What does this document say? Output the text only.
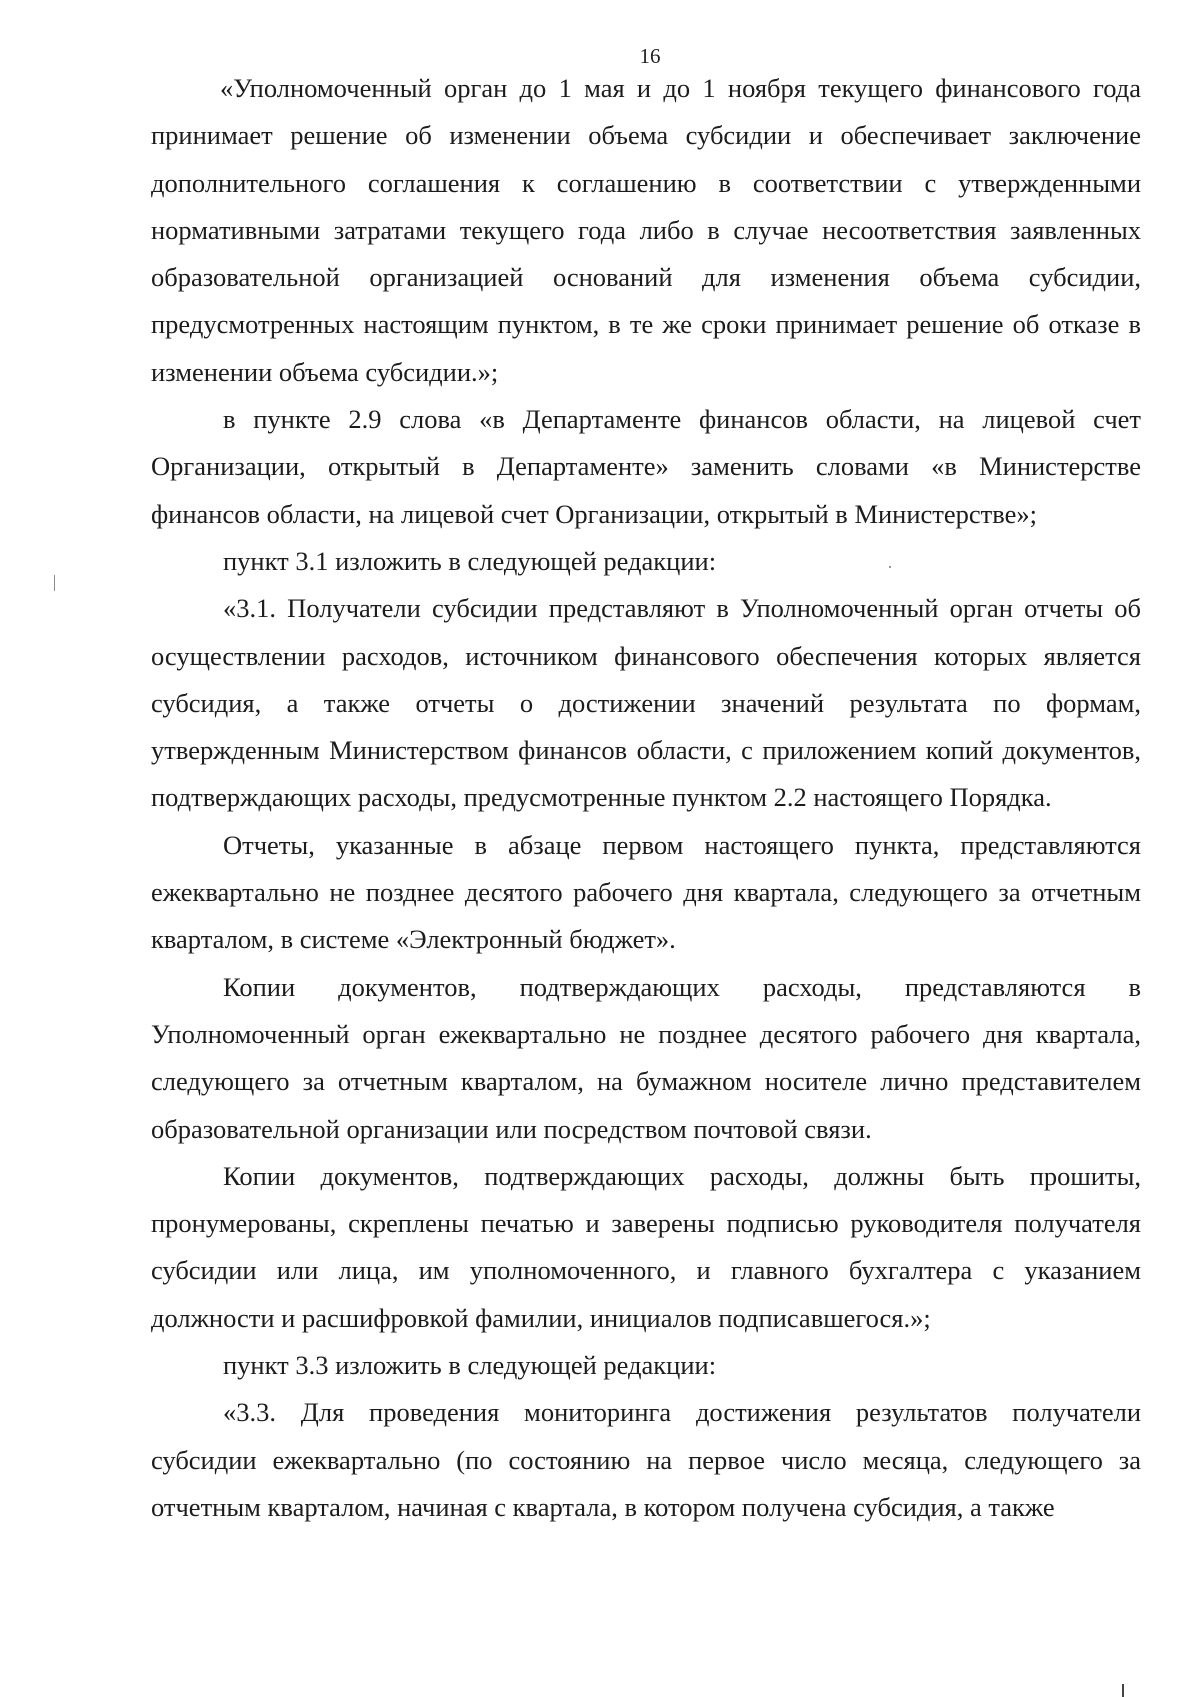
16

«Уполномоченный орган до 1 мая и до 1 ноября текущего финансового года принимает решение об изменении объема субсидии и обеспечивает заключение дополнительного соглашения к соглашению в соответствии с утвержденными нормативными затратами текущего года либо в случае несоответствия заявленных образовательной организацией оснований для изменения объема субсидии, предусмотренных настоящим пунктом, в те же сроки принимает решение об отказе в изменении объема субсидии.»;

в пункте 2.9 слова «в Департаменте финансов области, на лицевой счет Организации, открытый в Департаменте» заменить словами «в Министерстве финансов области, на лицевой счет Организации, открытый в Министерстве»;

пункт 3.1 изложить в следующей редакции:

«3.1. Получатели субсидии представляют в Уполномоченный орган отчеты об осуществлении расходов, источником финансового обеспечения которых является субсидия, а также отчеты о достижении значений результата по формам, утвержденным Министерством финансов области, с приложением копий документов, подтверждающих расходы, предусмотренные пунктом 2.2 настоящего Порядка.

Отчеты, указанные в абзаце первом настоящего пункта, представляются ежеквартально не позднее десятого рабочего дня квартала, следующего за отчетным кварталом, в системе «Электронный бюджет».

Копии документов, подтверждающих расходы, представляются в Уполномоченный орган ежеквартально не позднее десятого рабочего дня квартала, следующего за отчетным кварталом, на бумажном носителе лично представителем образовательной организации или посредством почтовой связи.

Копии документов, подтверждающих расходы, должны быть прошиты, пронумерованы, скреплены печатью и заверены подписью руководителя получателя субсидии или лица, им уполномоченного, и главного бухгалтера с указанием должности и расшифровкой фамилии, инициалов подписавшегося.»;

пункт 3.3 изложить в следующей редакции:

«3.3. Для проведения мониторинга достижения результатов получатели субсидии ежеквартально (по состоянию на первое число месяца, следующего за отчетным кварталом, начиная с квартала, в котором получена субсидия, а также
